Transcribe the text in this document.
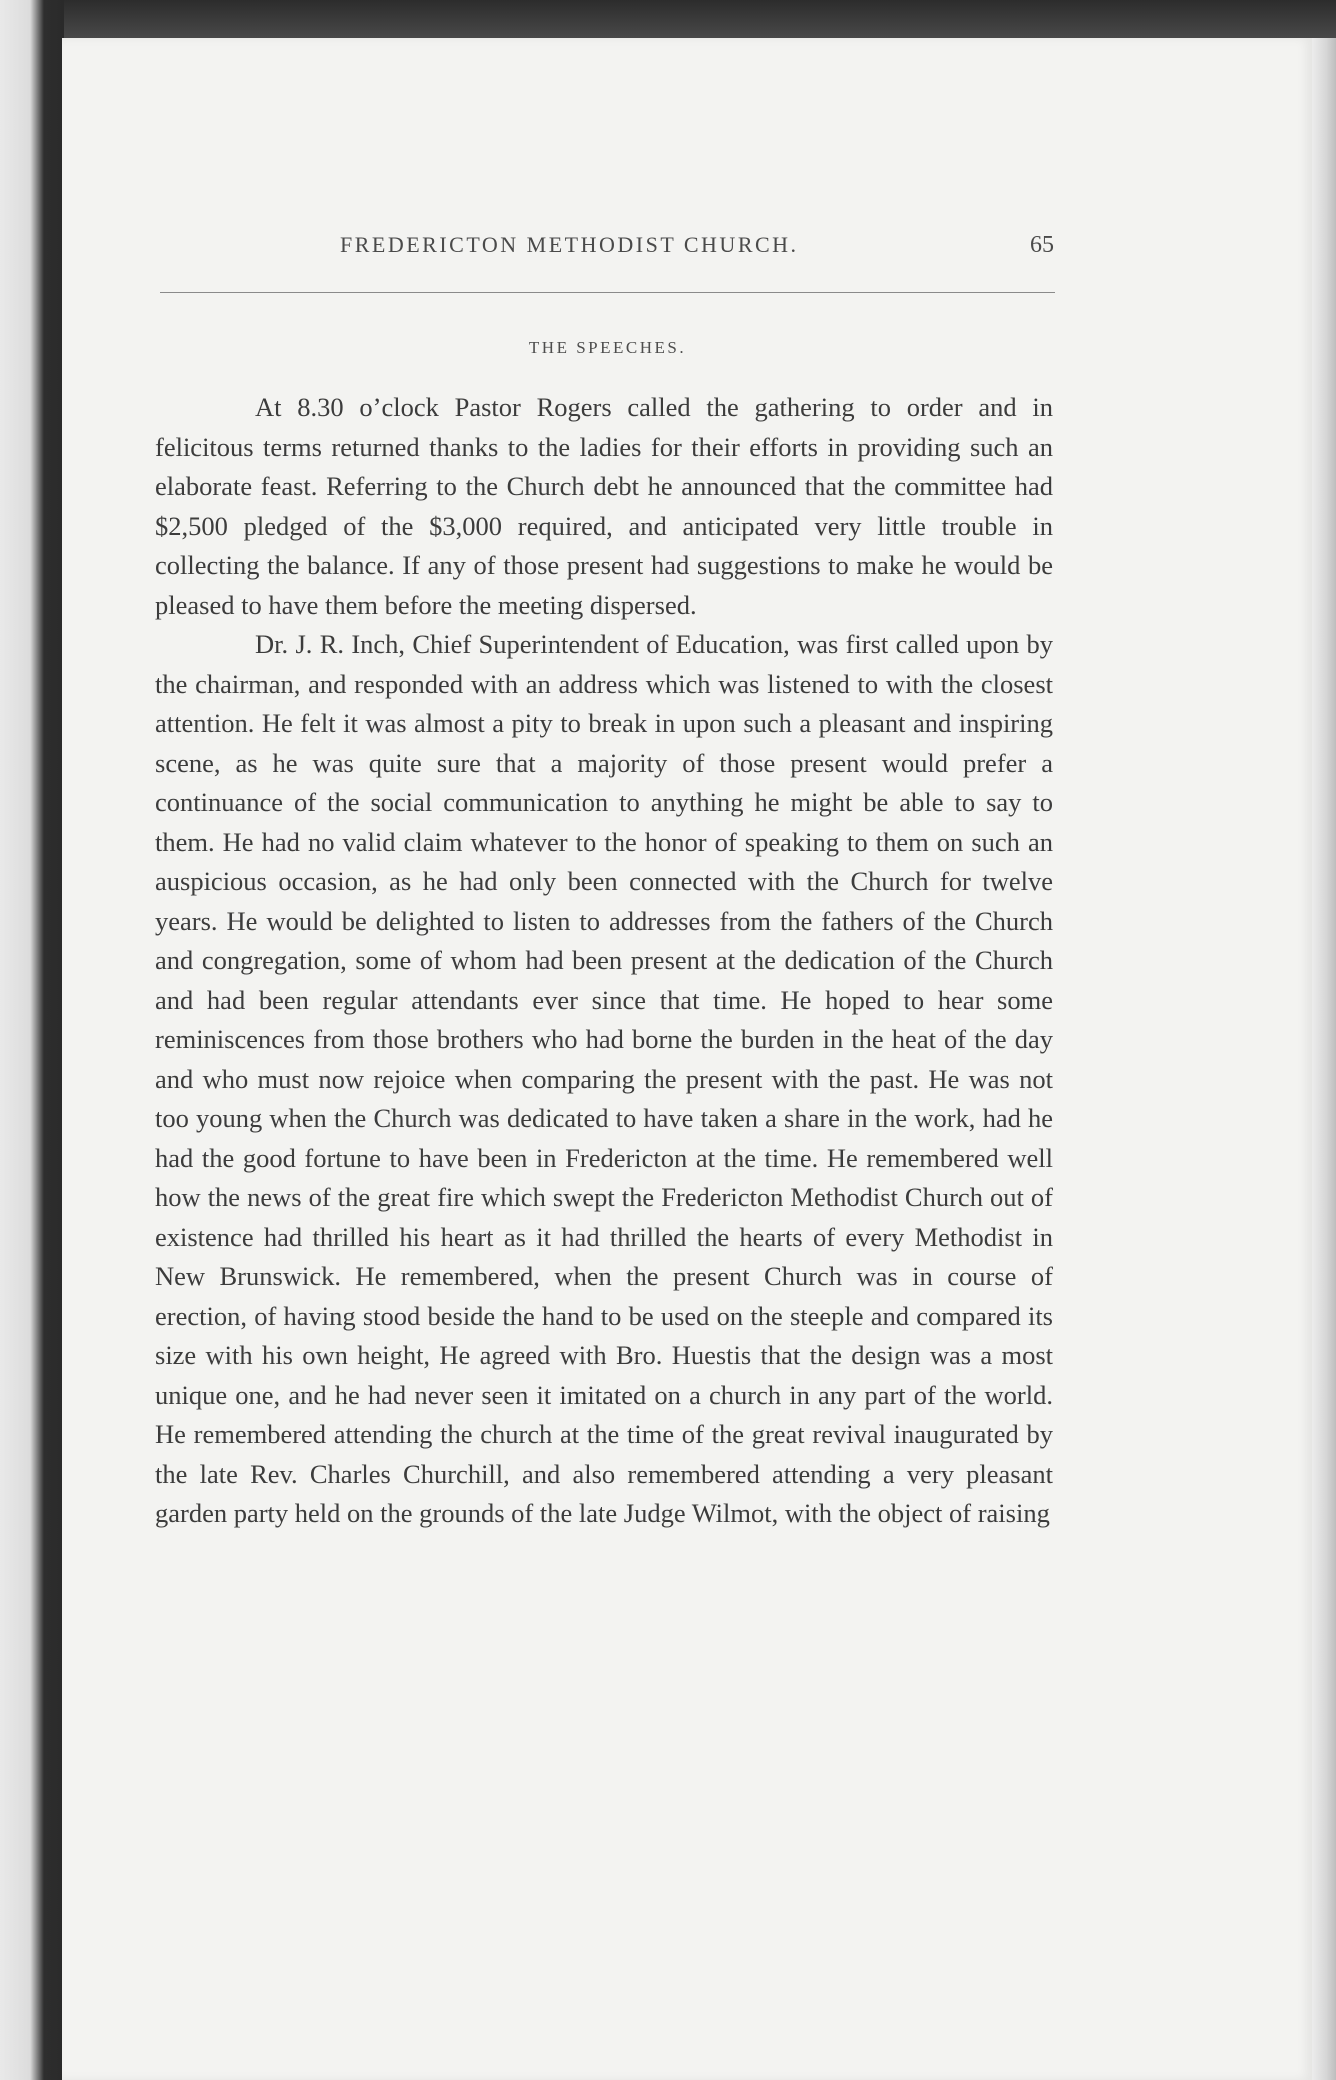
FREDERICTON METHODIST CHURCH.	65
THE SPEECHES.

At 8.30 o’clock Pastor Rogers called the gathering to order and in felicitous terms returned thanks to the ladies for their efforts in providing such an elaborate feast. Referring to the Church debt he announced that the committee had $2,500 pledged of the $3,000 required, and anticipated very little trouble in collecting the balance. If any of those present had suggestions to make he would be pleased to have them before the meeting dispersed.

Dr. J. R. Inch, Chief Superintendent of Education, was first called upon by the chairman, and responded with an address which was listened to with the closest attention. He felt it was almost a pity to break in upon such a pleasant and inspiring scene, as he was quite sure that a majority of those present would prefer a continuance of the social communication to anything he might be able to say to them. He had no valid claim whatever to the honor of speaking to them on such an auspicious occasion, as he had only been connected with the Church for twelve years. He would be delighted to listen to addresses from the fathers of the Church and congregation, some of whom had been present at the dedication of the Church and had been regular attendants ever since that time. He hoped to hear some reminiscences from those brothers who had borne the burden in the heat of the day and who must now rejoice when comparing the present with the past. He was not too young when the Church was dedicated to have taken a share in the work, had he had the good fortune to have been in Fredericton at the time. He remembered well how the news of the great fire which swept the Fredericton Methodist Church out of existence had thrilled his heart as it had thrilled the hearts of every Methodist in New Brunswick. He remembered, when the present Church was in course of erection, of having stood beside the hand to be used on the steeple and compared its size with his own height, He agreed with Bro. Huestis that the design was a most unique one, and he had never seen it imitated on a church in any part of the world. He remembered attending the church at the time of the great revival inaugurated by the late Rev. Charles Churchill, and also remembered attending a very pleasant garden party held on the grounds of the late Judge Wilmot, with the object of raising
